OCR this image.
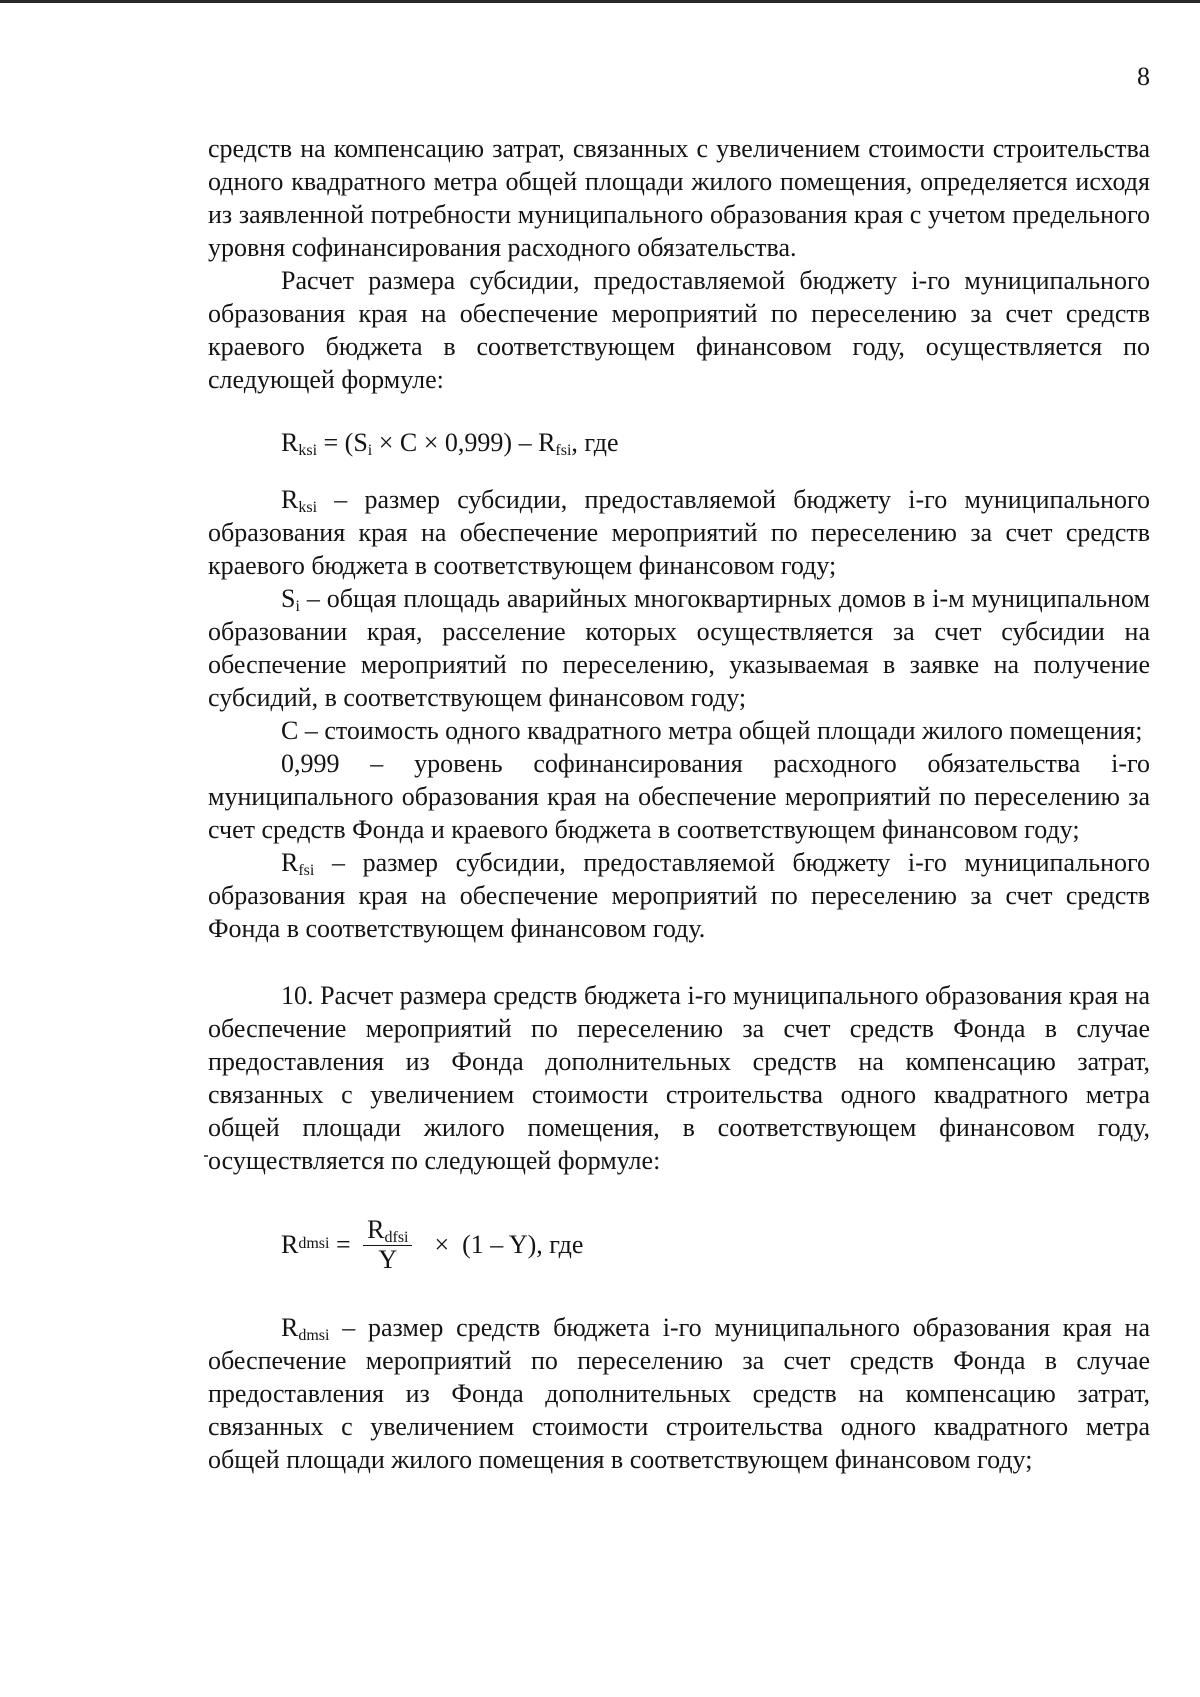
8

средств на компенсацию затрат, связанных с увеличением стоимости строительства одного квадратного метра общей площади жилого помещения, определяется исходя из заявленной потребности муниципального образования края с учетом предельного уровня софинансирования расходного обязательства.

Расчет размера субсидии, предоставляемой бюджету i-го муниципального образования края на обеспечение мероприятий по переселению за счет средств краевого бюджета в соответствующем финансовом году, осуществляется по следующей формуле:

$R_{ksi} = (S_i \times С \times 0,999) - R_{fsi}$, где

$R_{ksi}$ – размер субсидии, предоставляемой бюджету i-го муниципального образования края на обеспечение мероприятий по переселению за счет средств краевого бюджета в соответствующем финансовом году;

$S_i$ – общая площадь аварийных многоквартирных домов в i-м муниципальном образовании края, расселение которых осуществляется за счет субсидии на обеспечение мероприятий по переселению, указываемая в заявке на получение субсидий, в соответствующем финансовом году;

С – стоимость одного квадратного метра общей площади жилого помещения;

0,999 – уровень софинансирования расходного обязательства i-го муниципального образования края на обеспечение мероприятий по переселению за счет средств Фонда и краевого бюджета в соответствующем финансовом году;

$R_{fsi}$ – размер субсидии, предоставляемой бюджету i-го муниципального образования края на обеспечение мероприятий по переселению за счет средств Фонда в соответствующем финансовом году.

10. Расчет размера средств бюджета i-го муниципального образования края на обеспечение мероприятий по переселению за счет средств Фонда в случае предоставления из Фонда дополнительных средств на компенсацию затрат, связанных с увеличением стоимости строительства одного квадратного метра общей площади жилого помещения, в соответствующем финансовом году, осуществляется по следующей формуле:

R dmsi = $\frac{R_{dfsi}}{Y} \times (1 - Y)$, где

$R_{dmsi}$ – размер средств бюджета i-го муниципального образования края на обеспечение мероприятий по переселению за счет средств Фонда в случае предоставления из Фонда дополнительных средств на компенсацию затрат, связанных с увеличением стоимости строительства одного квадратного метра общей площади жилого помещения в соответствующем финансовом году;
